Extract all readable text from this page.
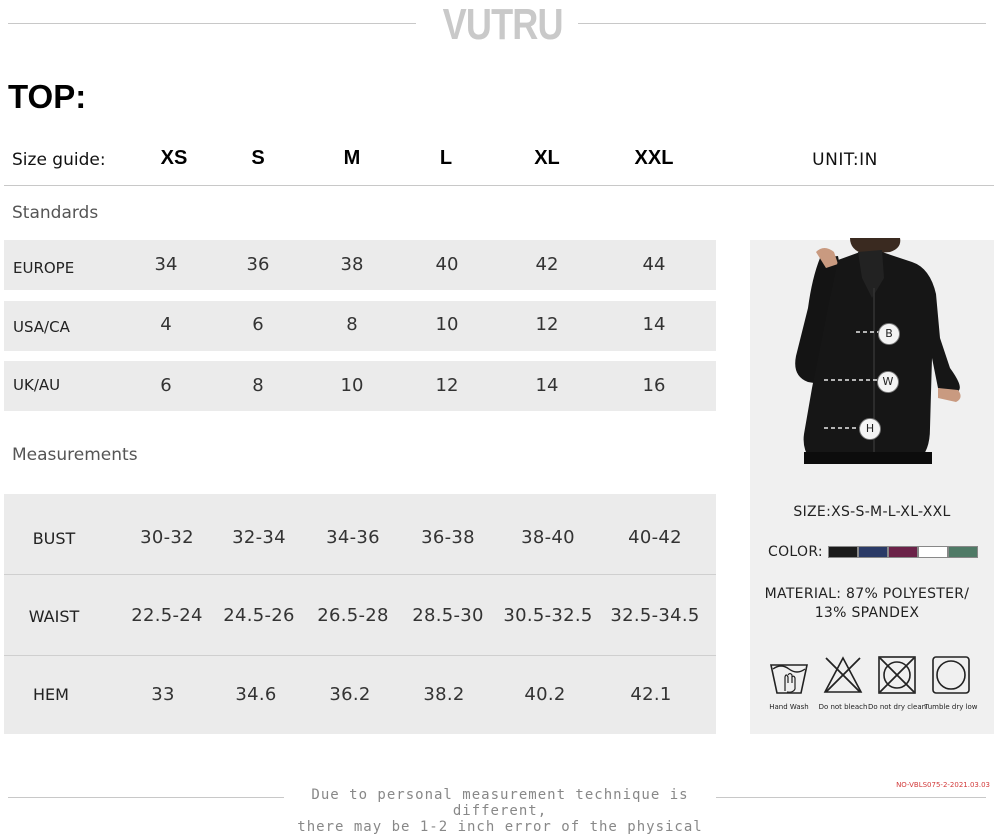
VUTRU
TOP:
Size guide:	XS	S	M	L	XL	XXL	UNIT:IN
Standards
EUROPE	34	36	38	40	42	44
USA/CA	4	6	8	10	12	14
UK/AU	6	8	10	12	14	16
Measurements
BUST	30-32	32-34	34-36	36-38	38-40	40-42
WAIST	22.5-24	24.5-26	26.5-28	28.5-30	30.5-32.5 32.5-34.5
HEM	33	34.6	36.2	38.2	40.2	42.1
B
W
H
SIZE:XS-S-M-L-XL-XXL
COLOR:
MATERIAL: 87% POLYESTER/
13% SPANDEX
Hand Wash	Do not bleach Do not dry clean
Tumble dry low
Due to personal measurement technique is different,
there may be 1-2 inch error of the physical
NO-VBLS075-2-2021.03.03
